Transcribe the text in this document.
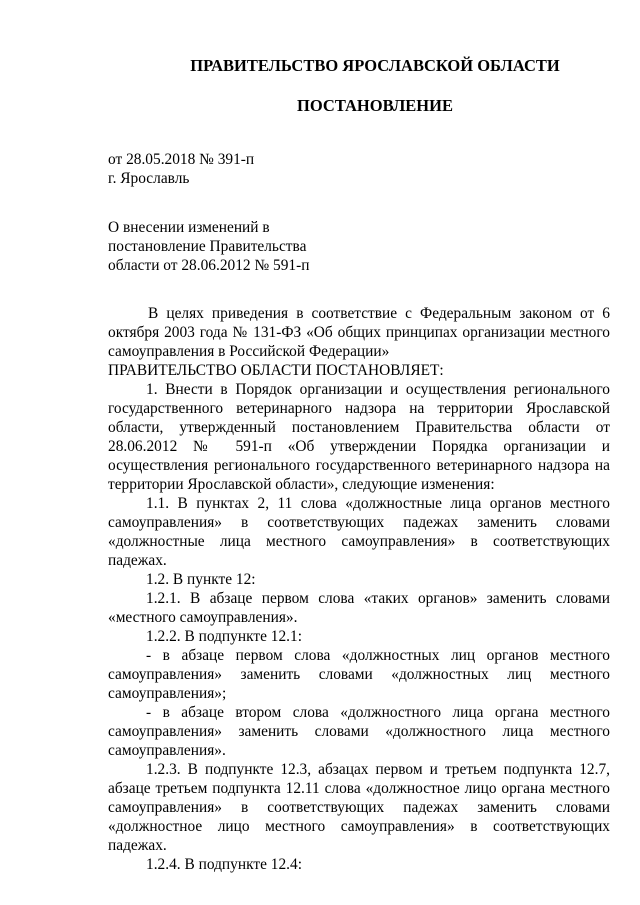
ПРАВИТЕЛЬСТВО ЯРОСЛАВСКОЙ ОБЛАСТИ
ПОСТАНОВЛЕНИЕ
от 28.05.2018 № 391-п
г. Ярославль
О внесении изменений в
постановление Правительства
области от 28.06.2012 № 591-п

В целях приведения в соответствие с Федеральным законом от 6 октября 2003 года № 131-ФЗ «Об общих принципах организации местного самоуправления в Российской Федерации»

ПРАВИТЕЛЬСТВО ОБЛАСТИ ПОСТАНОВЛЯЕТ:

1. Внести в Порядок организации и осуществления регионального государственного ветеринарного надзора на территории Ярославской области, утвержденный постановлением Правительства области от 28.06.2012 № 591-п «Об утверждении Порядка организации и осуществления регионального государственного ветеринарного надзора на территории Ярославской области», следующие изменения:

1.1. В пунктах 2, 11 слова «должностные лица органов местного самоуправления» в соответствующих падежах заменить словами «должностные лица местного самоуправления» в соответствующих падежах.

1.2. В пункте 12:

1.2.1. В абзаце первом слова «таких органов» заменить словами «местного самоуправления».

1.2.2. В подпункте 12.1:

- в абзаце первом слова «должностных лиц органов местного самоуправления» заменить словами «должностных лиц местного самоуправления»;

- в абзаце втором слова «должностного лица органа местного самоуправления» заменить словами «должностного лица местного самоуправления».

1.2.3. В подпункте 12.3, абзацах первом и третьем подпункта 12.7, абзаце третьем подпункта 12.11 слова «должностное лицо органа местного самоуправления» в соответствующих падежах заменить словами «должностное лицо местного самоуправления» в соответствующих падежах.

1.2.4. В подпункте 12.4:
